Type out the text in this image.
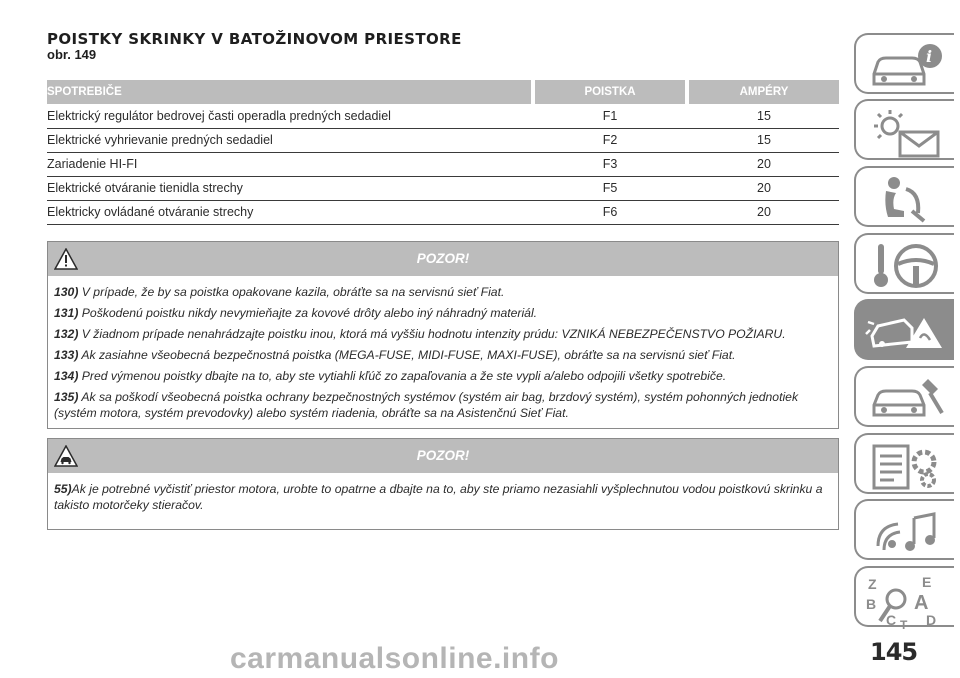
POISTKY SKRINKY V BATOŽINOVOM PRIESTORE
obr. 149
SPOTREBIČE		POISTKA		AMPÉRY
Elektrický regulátor bedrovej časti operadla predných sedadiel		F1		15
Elektrické vyhrievanie predných sedadiel		F2		15
Zariadenie HI-FI		F3		20
Elektrické otváranie tienidla strechy		F5		20
Elektricky ovládané otváranie strechy		F6		20
POZOR!

130) V prípade, že by sa poistka opakovane kazila, obráťte sa na servisnú sieť Fiat.

131) Poškodenú poistku nikdy nevymieňajte za kovové drôty alebo iný náhradný materiál.

132) V žiadnom prípade nenahrádzajte poistku inou, ktorá má vyššiu hodnotu intenzity prúdu: VZNIKÁ NEBEZPEČENSTVO POŽIARU.

133) Ak zasiahne všeobecná bezpečnostná poistka (MEGA-FUSE, MIDI-FUSE, MAXI-FUSE), obráťte sa na servisnú sieť Fiat.

134) Pred výmenou poistky dbajte na to, aby ste vytiahli kľúč zo zapaľovania a že ste vypli a/alebo odpojili všetky spotrebiče.

135) Ak sa poškodí všeobecná poistka ochrany bezpečnostných systémov (systém air bag, brzdový systém), systém pohonných jednotiek (systém motora, systém prevodovky) alebo systém riadenia, obráťte sa na Asistenčnú Sieť Fiat.

POZOR!

55)Ak je potrebné vyčistiť priestor motora, urobte to opatrne a dbajte na to, aby ste priamo nezasiahli vyšplechnutou vodou poistkovú skrinku a takisto motorčeky stieračov.

i
Z	E
B A
C D
T
carmanualsonline.info	145
